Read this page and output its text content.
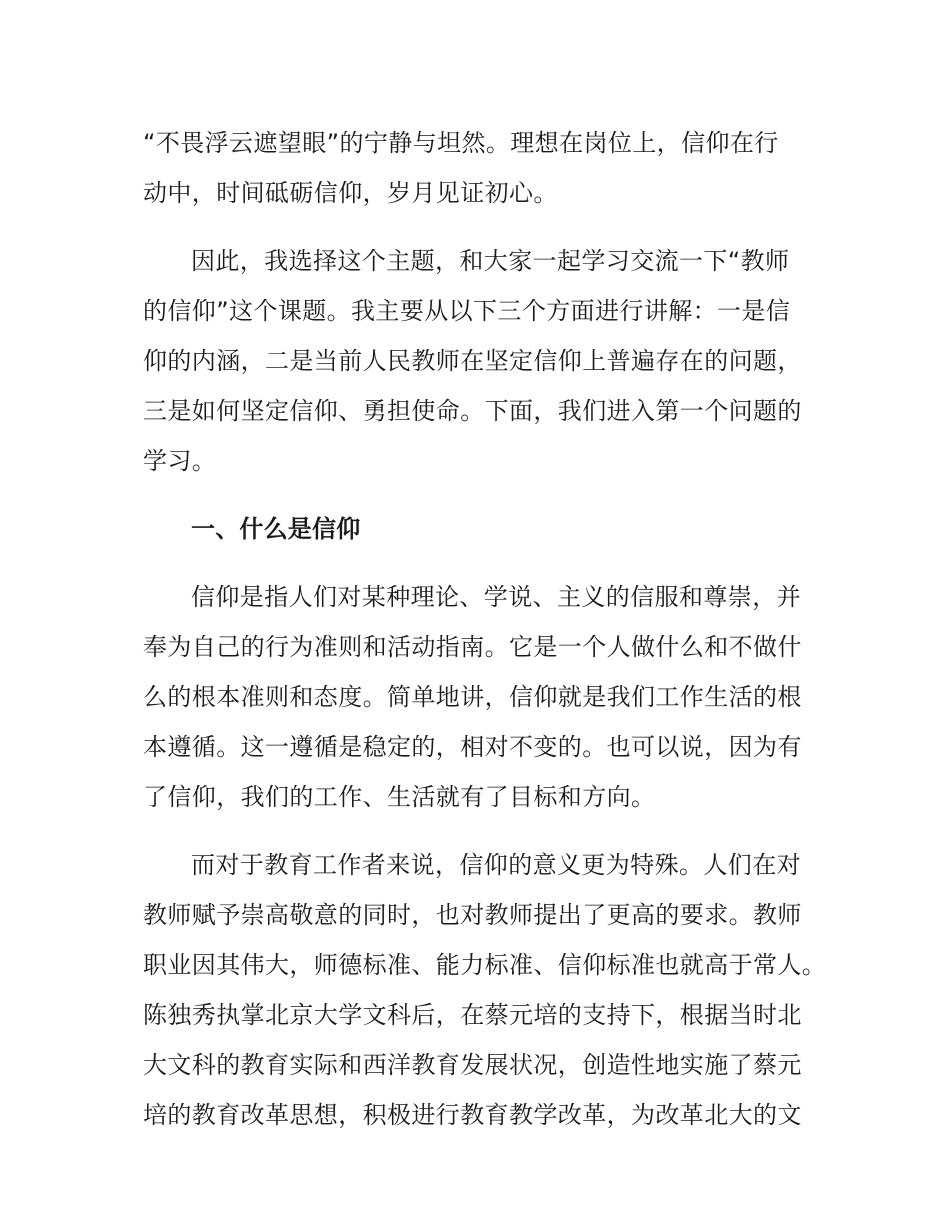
“不畏浮云遮望眼”的宁静与坦然。理想在岗位上，信仰在行
动中，时间砥砺信仰，岁月见证初心。
因此，我选择这个主题，和大家一起学习交流一下“教师
的信仰”这个课题。我主要从以下三个方面进行讲解：一是信
仰的内涵，二是当前人民教师在坚定信仰上普遍存在的问题，
三是如何坚定信仰、勇担使命。下面，我们进入第一个问题的
学习。
一、什么是信仰
信仰是指人们对某种理论、学说、主义的信服和尊崇，并
奉为自己的行为准则和活动指南。它是一个人做什么和不做什
么的根本准则和态度。简单地讲，信仰就是我们工作生活的根
本遵循。这一遵循是稳定的，相对不变的。也可以说，因为有
了信仰，我们的工作、生活就有了目标和方向。
而对于教育工作者来说，信仰的意义更为特殊。人们在对
教师赋予崇高敬意的同时，也对教师提出了更高的要求。教师
职业因其伟大，师德标准、能力标准、信仰标准也就高于常人。
陈独秀执掌北京大学文科后，在蔡元培的支持下，根据当时北
大文科的教育实际和西洋教育发展状况，创造性地实施了蔡元
培的教育改革思想，积极进行教育教学改革，为改革北大的文
